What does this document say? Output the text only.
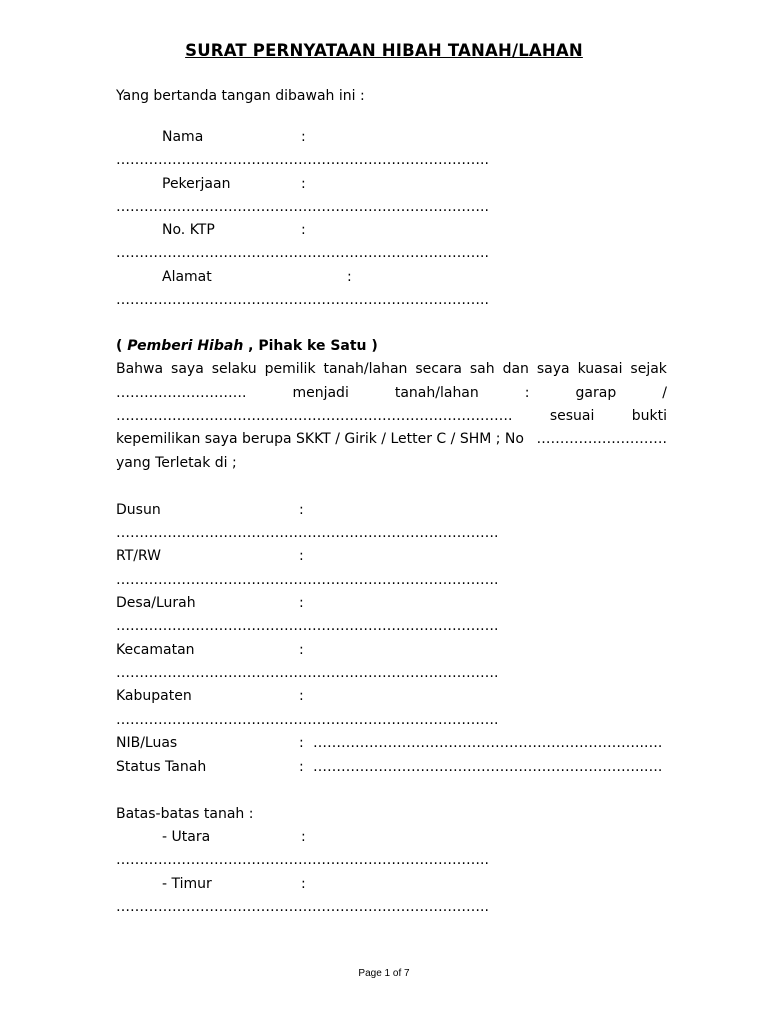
SURAT PERNYATAAN HIBAH TANAH/LAHAN
Yang bertanda tangan dibawah ini :
Nama	:
……………………………………………………………………..
Pekerjaan	:
……………………………………………………………………..
No. KTP	:
……………………………………………………………………..
Alamat	:
……………………………………………………………………..
( Pemberi Hibah , Pihak ke Satu )
Bahwa saya selaku pemilik tanah/lahan secara sah dan saya kuasai sejak
……………………….	menjadi	tanah/lahan	:	garap	/
………………………………………………………………………….	sesuai	bukti
kepemilikan saya berupa SKKT / Girik / Letter C / SHM ; No ……………………….
yang Terletak di ;
Dusun	:
……………………………………………………………………….
RT/RW	:
……………………………………………………………………….
Desa/Lurah	:
……………………………………………………………………….
Kecamatan	:
……………………………………………………………………….
Kabupaten	:
……………………………………………………………………….
NIB/Luas	: ……………………………………………………………..….
Status Tanah	: ……………………………………………………………..….
Batas-batas tanah :
- Utara	:
……………………………………………………………………..
- Timur	:
……………………………………………………………………..
Page 1 of 7
